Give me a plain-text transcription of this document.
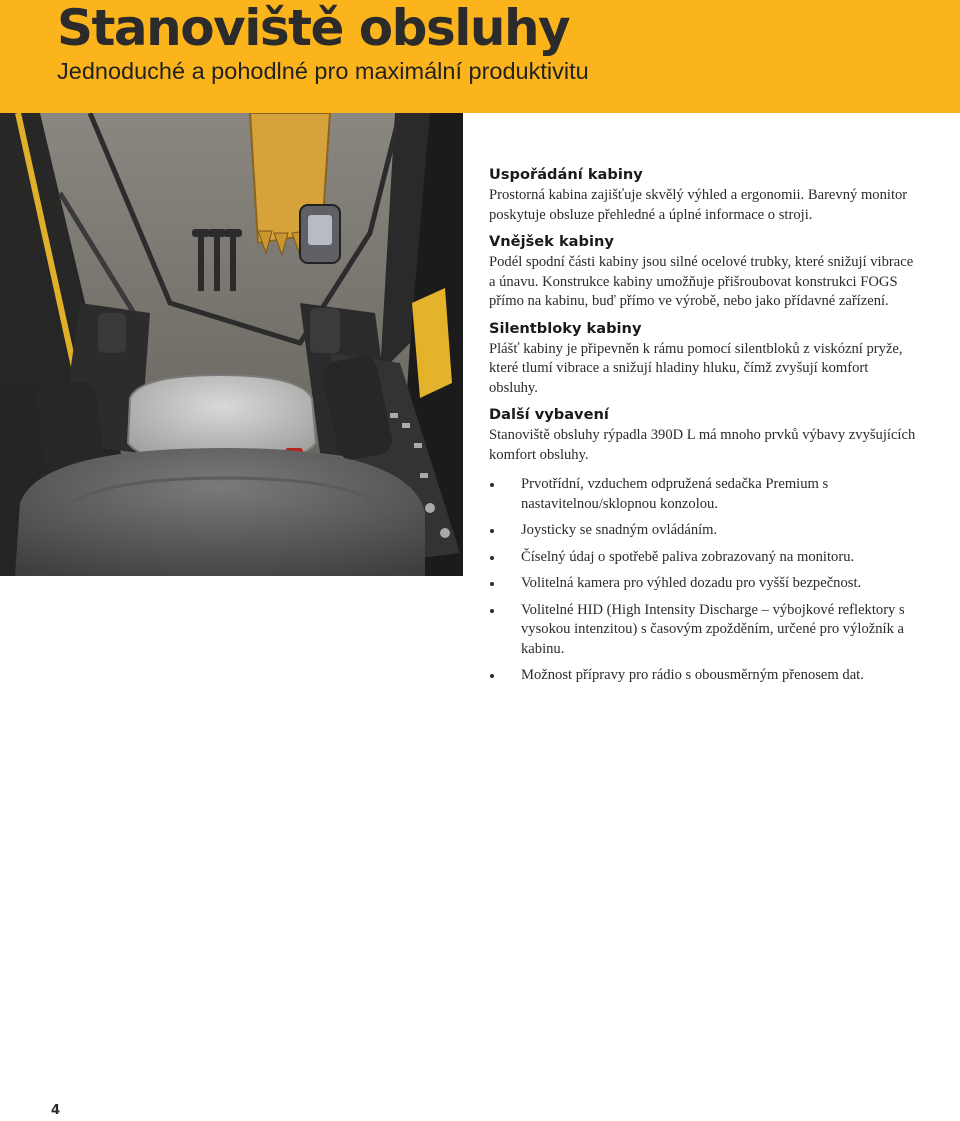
Stanoviště obsluhy
Jednoduché a pohodlné pro maximální produktivitu
Uspořádání kabiny

Prostorná kabina zajišťuje skvělý výhled a ergonomii. Barevný monitor poskytuje obsluze přehledné a úplné informace o stroji.

Vnějšek kabiny

Podél spodní části kabiny jsou silné ocelové trubky, které snižují vibrace a únavu. Konstrukce kabiny umožňuje přišroubovat konstrukci FOGS přímo na kabinu, buď přímo ve výrobě, nebo jako přídavné zařízení.

Silentbloky kabiny

Plášť kabiny je připevněn k rámu pomocí silentbloků z viskózní pryže, které tlumí vibrace a snižují hladiny hluku, čímž zvyšují komfort obsluhy.

Další vybavení

Stanoviště obsluhy rýpadla 390D L má mnoho prvků výbavy zvyšujících komfort obsluhy.

Prvotřídní, vzduchem odpružená sedačka Premium s nastavitelnou/sklopnou konzolou.
Joysticky se snadným ovládáním.
Číselný údaj o spotřebě paliva zobrazovaný na monitoru.
Volitelná kamera pro výhled dozadu pro vyšší bezpečnost.
Volitelné HID (High Intensity Discharge – výbojkové reflektory s vysokou intenzitou) s časovým zpožděním, určené pro výložník a kabinu.
Možnost přípravy pro rádio s obousměrným přenosem dat.
4
